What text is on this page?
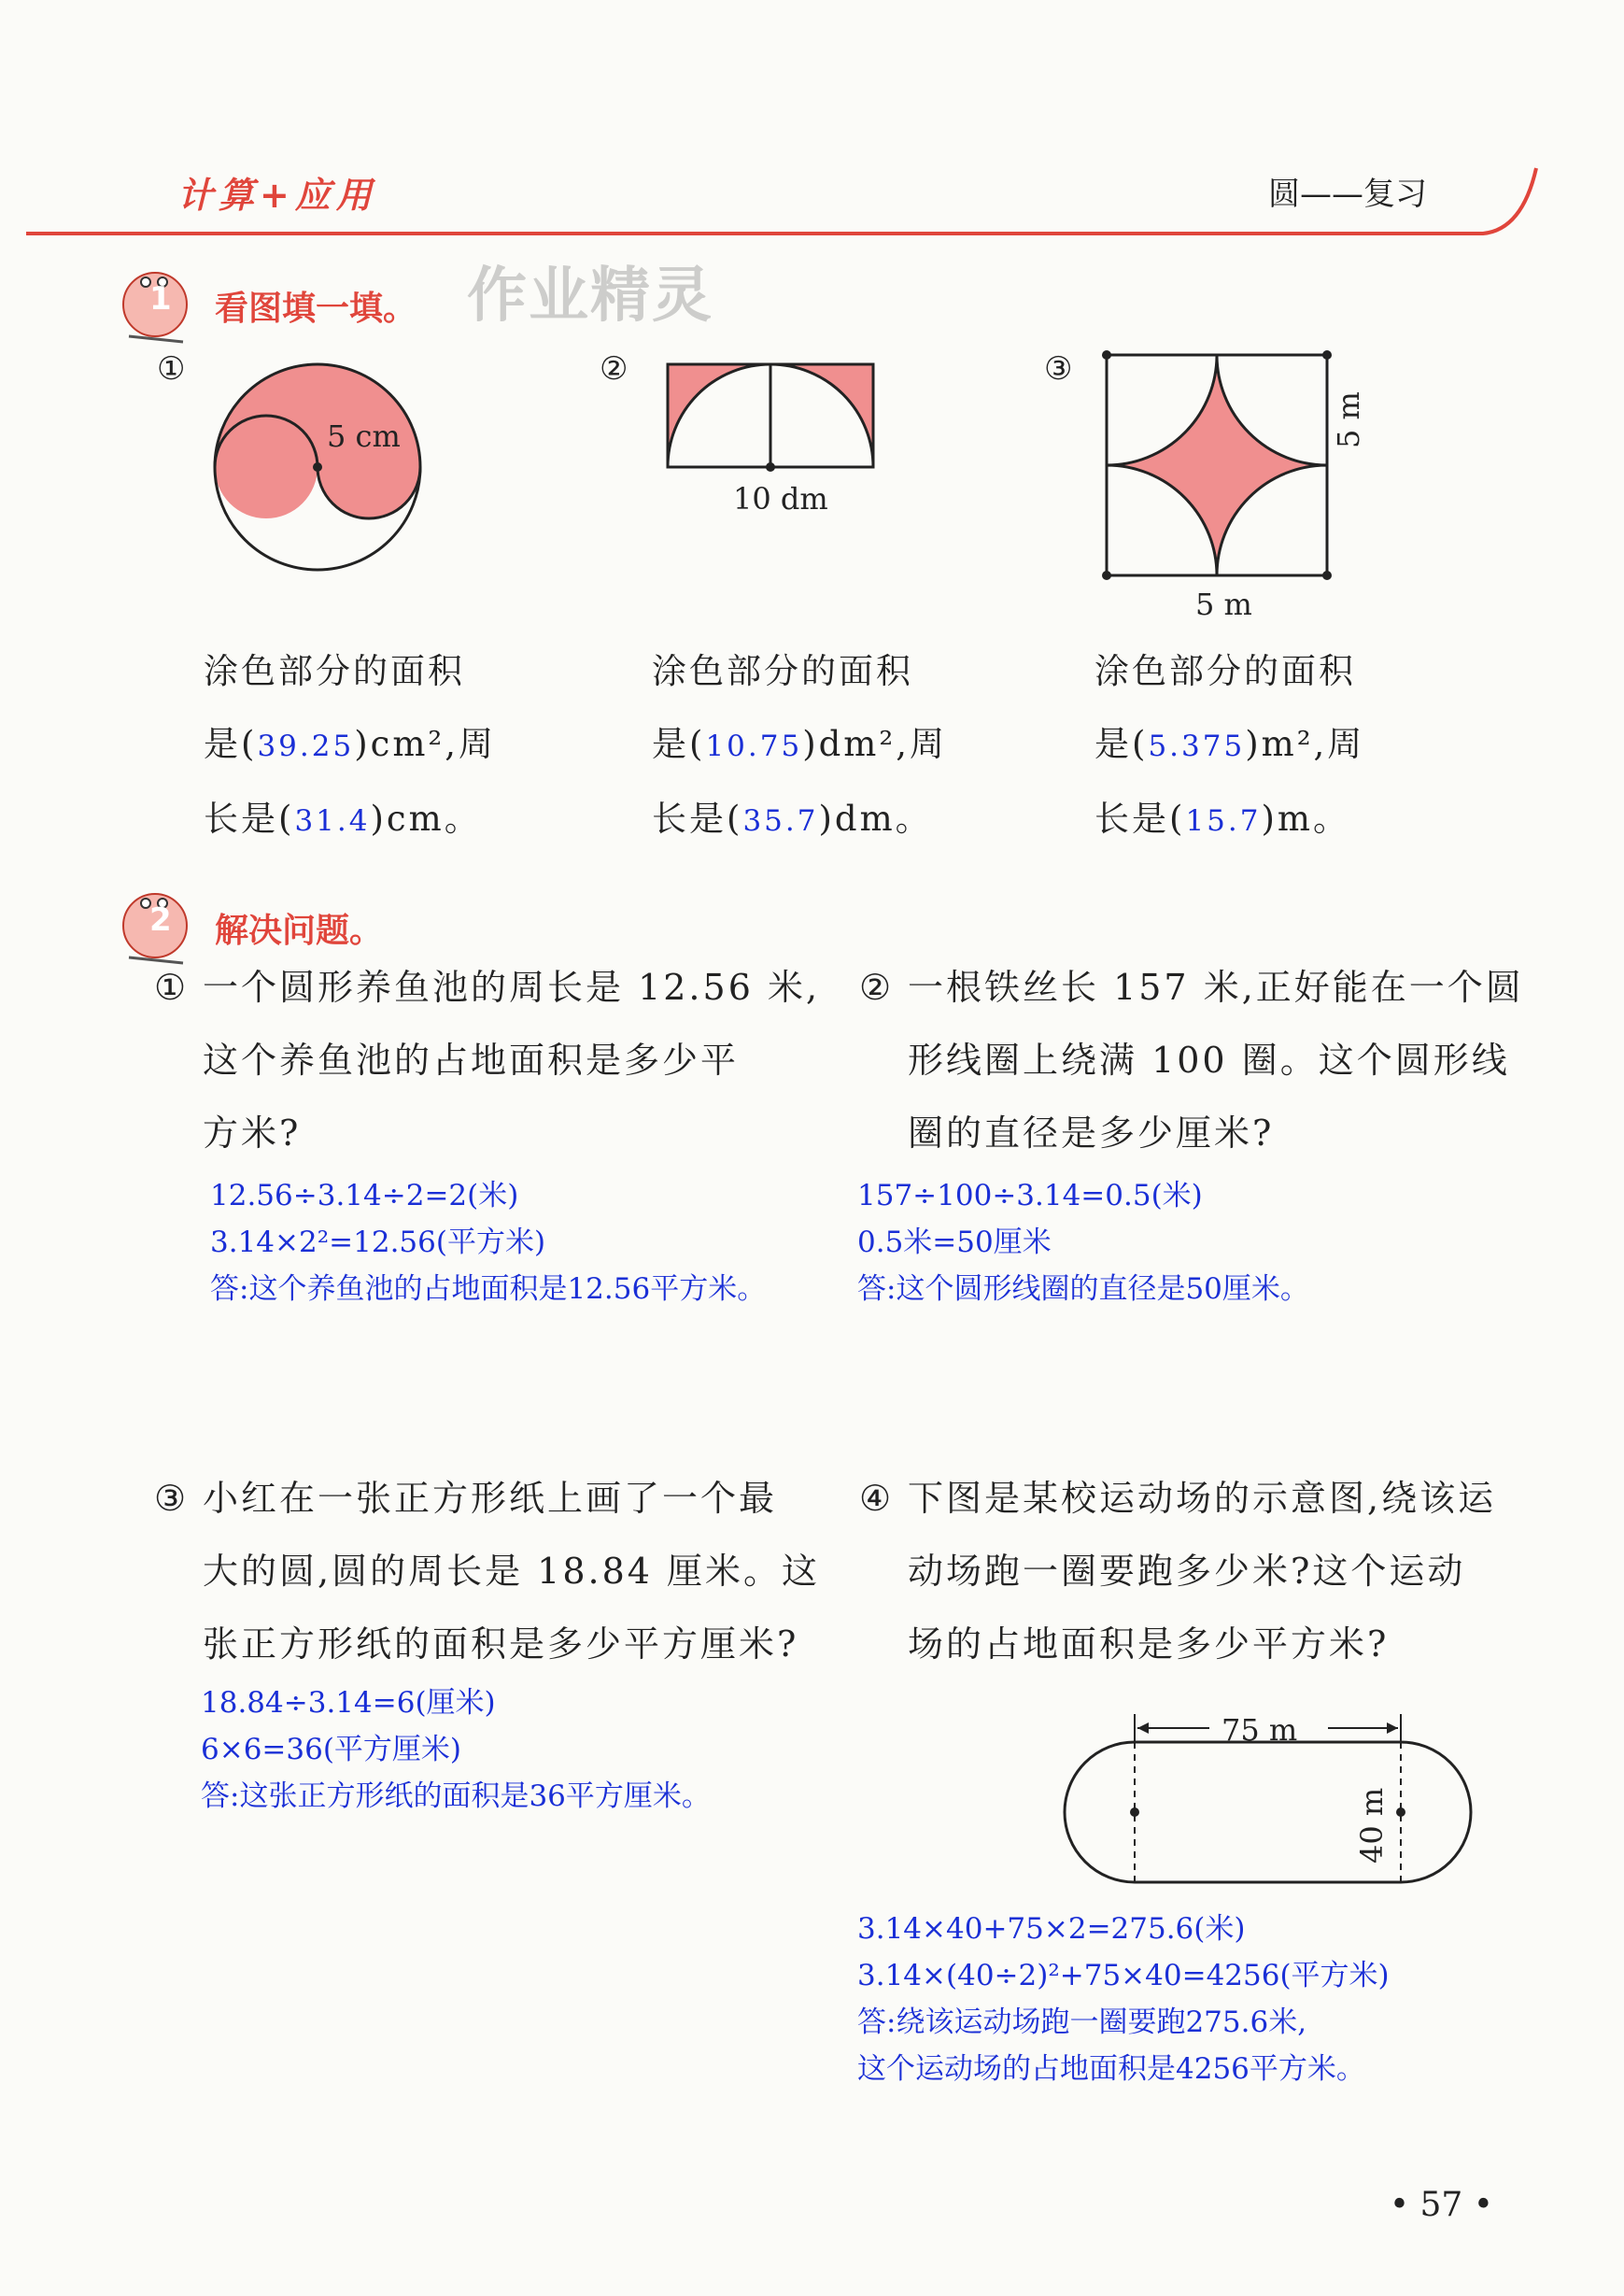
计算+应用	圆——复习
作业精灵
1 看图填一填。
①
5 cm
②
10 dm
③
5 m
5 m
涂色部分的面积
是(39.25)cm²,周
长是(31.4)cm。
涂色部分的面积
是(10.75)dm²,周
长是(35.7)dm。
涂色部分的面积
是(5.375)m²,周
长是(15.7)m。
2 解决问题。
① 一个圆形养鱼池的周长是 12.56 米,
这个养鱼池的占地面积是多少平
方米?
12.56÷3.14÷2=2(米)
3.14×2²=12.56(平方米)
答:这个养鱼池的占地面积是12.56平方米。
② 一根铁丝长 157 米,正好能在一个圆
形线圈上绕满 100 圈。这个圆形线
圈的直径是多少厘米?
157÷100÷3.14=0.5(米)
0.5米=50厘米
答:这个圆形线圈的直径是50厘米。
③ 小红在一张正方形纸上画了一个最
大的圆,圆的周长是 18.84 厘米。这
张正方形纸的面积是多少平方厘米?
18.84÷3.14=6(厘米)
6×6=36(平方厘米)
答:这张正方形纸的面积是36平方厘米。
④ 下图是某校运动场的示意图,绕该运
动场跑一圈要跑多少米?这个运动
场的占地面积是多少平方米?
75 m
40 m
3.14×40+75×2=275.6(米)
3.14×(40÷2)²+75×40=4256(平方米)
答:绕该运动场跑一圈要跑275.6米,
这个运动场的占地面积是4256平方米。
• 57 •
